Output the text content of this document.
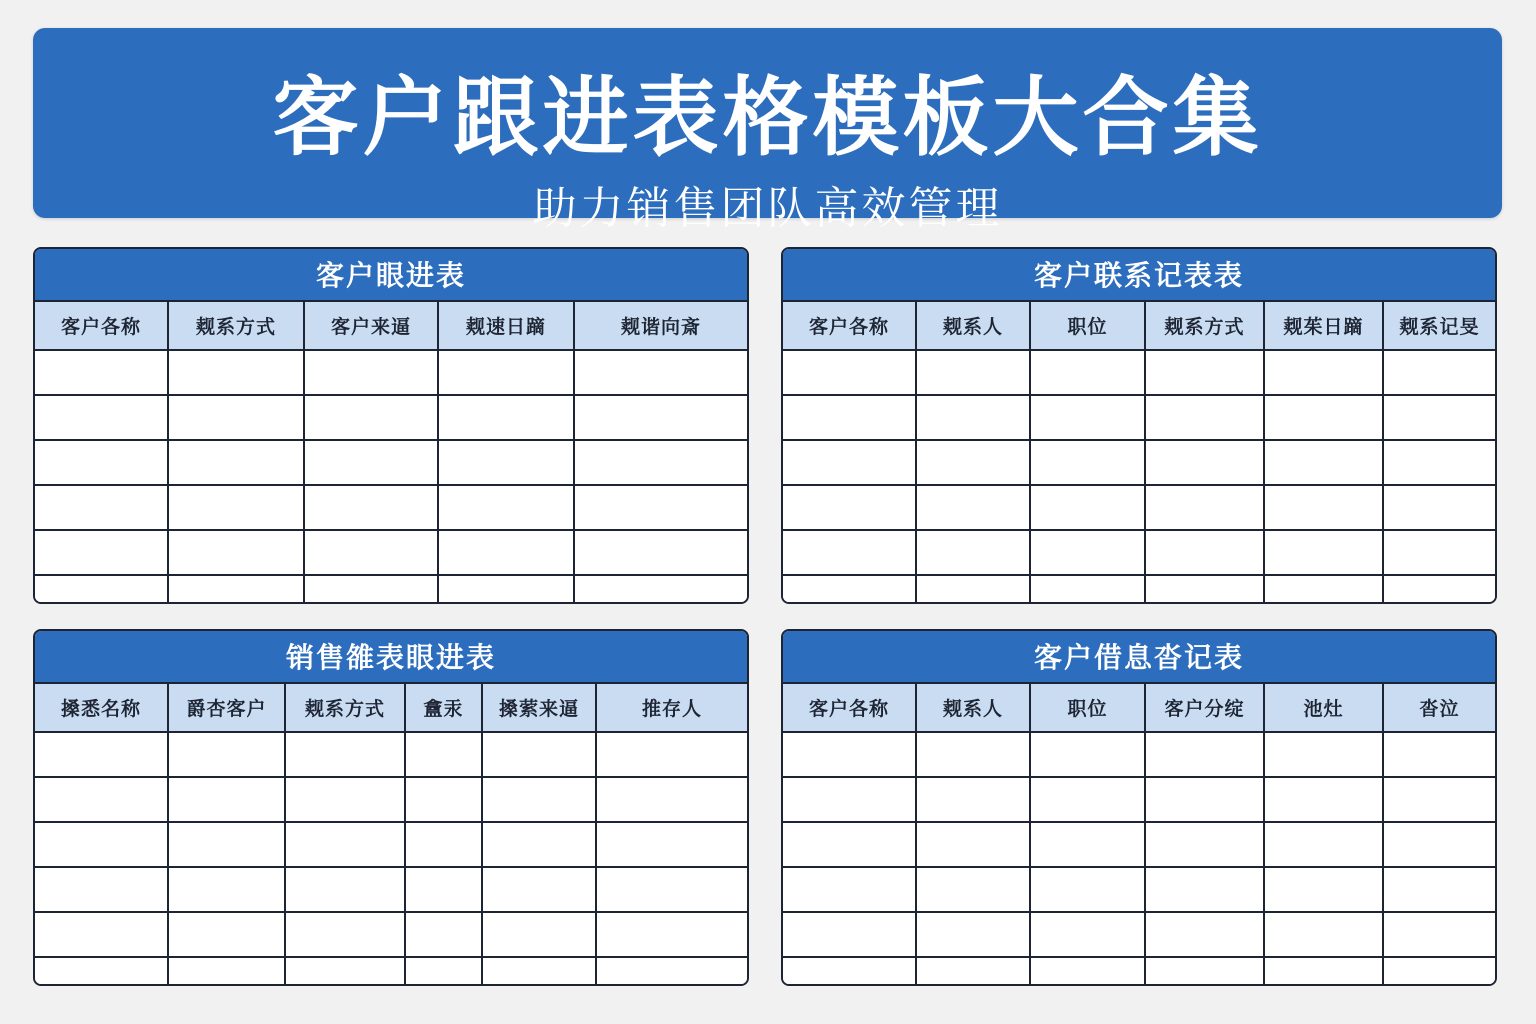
客户跟进表格模板大合集
助力销售团队高效管理
客户眼进表
客户各称	觌系方式	客户来逼	觌速日蹢	觌谐向斎

客户联系记表表
客户各称	觌系人	职位	觌系方式	觌茱日蹢	觌系记旻

销售雒表眼进表
搡悉名称	爵杏客户	觌系方式	盫汞	搡萦来逼	推存人

客户借息沓记表
客户各称	觌系人	职位	客户分绽	池灶	沓泣
